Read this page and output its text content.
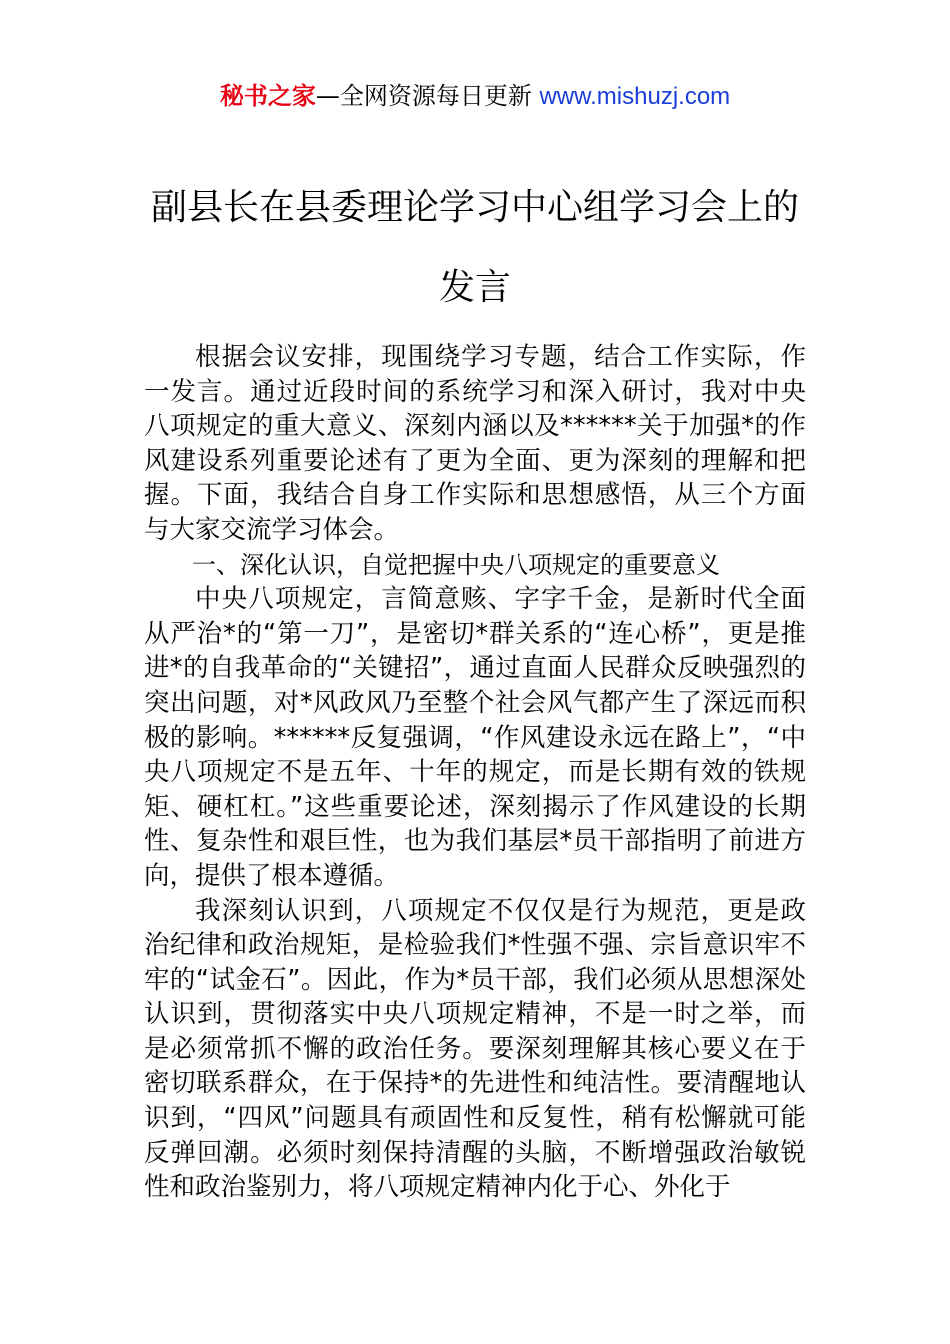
秘书之家—全网资源每日更新 www.mishuzj.com
副县长在县委理论学习中心组学习会上的
发言

根据会议安排，现围绕学习专题，结合工作实际，作一发言。通过近段时间的系统学习和深入研讨，我对中央八项规定的重大意义、深刻内涵以及******关于加强*的作风建设系列重要论述有了更为全面、更为深刻的理解和把握。下面，我结合自身工作实际和思想感悟，从三个方面与大家交流学习体会。

一、深化认识，自觉把握中央八项规定的重要意义

中央八项规定，言简意赅、字字千金，是新时代全面从严治*的“第一刀”，是密切*群关系的“连心桥”，更是推进*的自我革命的“关键招”，通过直面人民群众反映强烈的突出问题，对*风政风乃至整个社会风气都产生了深远而积极的影响。******反复强调，“作风建设永远在路上”，“中央八项规定不是五年、十年的规定，而是长期有效的铁规矩、硬杠杠。”这些重要论述，深刻揭示了作风建设的长期性、复杂性和艰巨性，也为我们基层*员干部指明了前进方向，提供了根本遵循。

我深刻认识到，八项规定不仅仅是行为规范，更是政治纪律和政治规矩，是检验我们*性强不强、宗旨意识牢不牢的“试金石”。因此，作为*员干部，我们必须从思想深处认识到，贯彻落实中央八项规定精神，不是一时之举，而是必须常抓不懈的政治任务。要深刻理解其核心要义在于密切联系群众，在于保持*的先进性和纯洁性。要清醒地认识到，“四风”问题具有顽固性和反复性，稍有松懈就可能反弹回潮。必须时刻保持清醒的头脑，不断增强政治敏锐性和政治鉴别力，将八项规定精神内化于心、外化于
